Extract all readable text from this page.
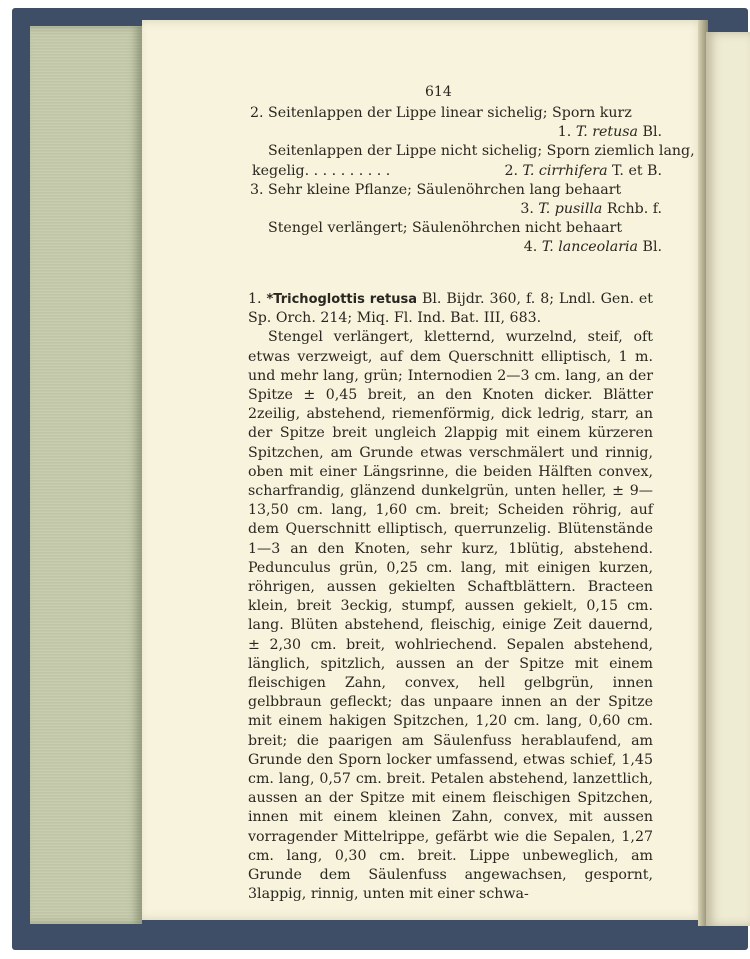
614
2. Seitenlappen der Lippe linear sichelig; Sporn kurz
1. T. retusa Bl.
Seitenlappen der Lippe nicht sichelig; Sporn ziemlich lang,
kegelig. . . . . . . . . .	2. T. cirrhifera T. et B.
3. Sehr kleine Pflanze; Säulenöhrchen lang behaart
3. T. pusilla Rchb. f.
Stengel verlängert; Säulenöhrchen nicht behaart
4. T. lanceolaria Bl.

1. *Trichoglottis retusa Bl. Bijdr. 360, f. 8; Lndl. Gen. et Sp. Orch. 214; Miq. Fl. Ind. Bat. III, 683.

Stengel verlängert, kletternd, wurzelnd, steif, oft etwas verzweigt, auf dem Querschnitt elliptisch, 1 m. und mehr lang, grün; Internodien 2—3 cm. lang, an der Spitze ± 0,45 breit, an den Knoten dicker. Blätter 2zeilig, abstehend, riemenförmig, dick ledrig, starr, an der Spitze breit ungleich 2lappig mit einem kürzeren Spitzchen, am Grunde etwas verschmälert und rinnig, oben mit einer Längsrinne, die beiden Hälften convex, scharfrandig, glänzend dunkelgrün, unten heller, ± 9—13,50 cm. lang, 1,60 cm. breit; Scheiden röhrig, auf dem Querschnitt elliptisch, querrunzelig. Blütenstände 1—3 an den Knoten, sehr kurz, 1blütig, abstehend. Pedunculus grün, 0,25 cm. lang, mit einigen kurzen, röhrigen, aussen gekielten Schaftblättern. Bracteen klein, breit 3eckig, stumpf, aussen gekielt, 0,15 cm. lang. Blüten abstehend, fleischig, einige Zeit dauernd, ± 2,30 cm. breit, wohlriechend. Sepalen abstehend, länglich, spitzlich, aussen an der Spitze mit einem fleischigen Zahn, convex, hell gelbgrün, innen gelbbraun gefleckt; das unpaare innen an der Spitze mit einem hakigen Spitzchen, 1,20 cm. lang, 0,60 cm. breit; die paarigen am Säulenfuss herablaufend, am Grunde den Sporn locker umfassend, etwas schief, 1,45 cm. lang, 0,57 cm. breit. Petalen abstehend, lanzettlich, aussen an der Spitze mit einem fleischigen Spitzchen, innen mit einem kleinen Zahn, convex, mit aussen vorragender Mittelrippe, gefärbt wie die Sepalen, 1,27 cm. lang, 0,30 cm. breit. Lippe unbeweglich, am Grunde dem Säulenfuss angewachsen, gespornt, 3lappig, rinnig, unten mit einer schwa-
